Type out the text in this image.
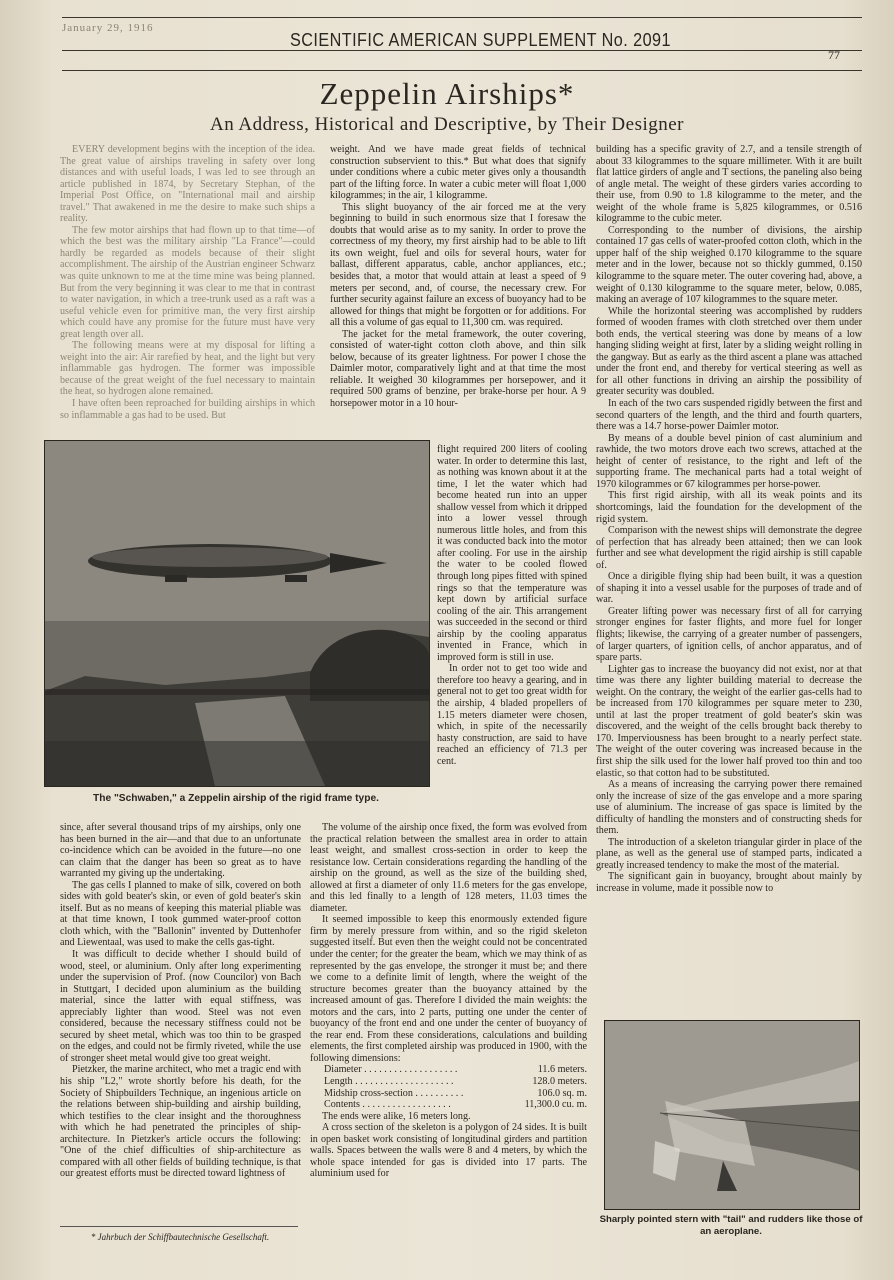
January 29, 1916
SCIENTIFIC AMERICAN SUPPLEMENT No. 2091
77
Zeppelin Airships*
An Address, Historical and Descriptive, by Their Designer

EVERY development begins with the inception of the idea. The great value of airships traveling in safety over long distances and with useful loads, I was led to see through an article published in 1874, by Secretary Stephan, of the Imperial Post Office, on "International mail and airship travel." That awakened in me the desire to make such ships a reality.

The few motor airships that had flown up to that time—of which the best was the military airship "La France"—could hardly be regarded as models because of their slight accomplishment. The airship of the Austrian engineer Schwarz was quite unknown to me at the time mine was being planned. But from the very beginning it was clear to me that in contrast to water navigation, in which a tree-trunk used as a raft was a useful vehicle even for primitive man, the very first airship which could have any promise for the future must have very great length over all.

The following means were at my disposal for lifting a weight into the air: Air rarefied by heat, and the light but very inflammable gas hydrogen. The former was impossible because of the great weight of the fuel necessary to maintain the heat, so hydrogen alone remained.

I have often been reproached for building airships in which so inflammable a gas had to be used. But

weight. And we have made great fields of technical construction subservient to this.* But what does that signify under conditions where a cubic meter gives only a thousandth part of the lifting force. In water a cubic meter will float 1,000 kilogrammes; in the air, 1 kilogramme.

This slight buoyancy of the air forced me at the very beginning to build in such enormous size that I foresaw the doubts that would arise as to my sanity. In order to prove the correctness of my theory, my first airship had to be able to lift its own weight, fuel and oils for several hours, water for ballast, different apparatus, cable, anchor appliances, etc.; besides that, a motor that would attain at least a speed of 9 meters per second, and, of course, the necessary crew. For further security against failure an excess of buoyancy had to be allowed for things that might be forgotten or for additions. For all this a volume of gas equal to 11,300 cm. was required.

The jacket for the metal framework, the outer covering, consisted of water-tight cotton cloth above, and thin silk below, because of its greater lightness. For power I chose the Daimler motor, comparatively light and at that time the most reliable. It weighed 30 kilogrammes per horsepower, and it required 500 grams of benzine, per brake-horse per hour. A 9 horsepower motor in a 10 hour-

The "Schwaben," a Zeppelin airship of the rigid frame type.

flight required 200 liters of cooling water. In order to determine this last, as nothing was known about it at the time, I let the water which had become heated run into an upper shallow vessel from which it dripped into a lower vessel through numerous little holes, and from this it was conducted back into the motor after cooling. For use in the airship the water to be cooled flowed through long pipes fitted with spined rings so that the temperature was kept down by artificial surface cooling of the air. This arrangement was succeeded in the second or third airship by the cooling apparatus invented in France, which in improved form is still in use.

In order not to get too wide and therefore too heavy a gearing, and in general not to get too great width for the airship, 4 bladed propellers of 1.15 meters diameter were chosen, which, in spite of the necessarily hasty construction, are said to have reached an efficiency of 71.3 per cent.

building has a specific gravity of 2.7, and a tensile strength of about 33 kilogrammes to the square millimeter. With it are built flat lattice girders of angle and T sections, the paneling also being of angle metal. The weight of these girders varies according to their use, from 0.90 to 1.8 kilogramme to the meter, and the weight of the whole frame is 5,825 kilogrammes, or 0.516 kilogramme to the cubic meter.

Corresponding to the number of divisions, the airship contained 17 gas cells of water-proofed cotton cloth, which in the upper half of the ship weighed 0.170 kilogramme to the square meter and in the lower, because not so thickly gummed, 0.150 kilogramme to the square meter. The outer covering had, above, a weight of 0.130 kilogramme to the square meter, below, 0.085, making an average of 107 kilogrammes to the square meter.

While the horizontal steering was accomplished by rudders formed of wooden frames with cloth stretched over them under both ends, the vertical steering was done by means of a low hanging sliding weight at first, later by a sliding weight rolling in the gangway. But as early as the third ascent a plane was attached under the front end, and thereby for vertical steering as well as for all other functions in driving an airship the possibility of greater security was doubled.

In each of the two cars suspended rigidly between the first and second quarters of the length, and the third and fourth quarters, there was a 14.7 horse-power Daimler motor.

By means of a double bevel pinion of cast aluminium and rawhide, the two motors drove each two screws, attached at the height of center of resistance, to the right and left of the supporting frame. The mechanical parts had a total weight of 1970 kilogrammes or 67 kilogrammes per horse-power.

This first rigid airship, with all its weak points and its shortcomings, laid the foundation for the development of the rigid system.

Comparison with the newest ships will demonstrate the degree of perfection that has already been attained; then we can look further and see what development the rigid airship is still capable of.

Once a dirigible flying ship had been built, it was a question of shaping it into a vessel usable for the purposes of trade and of war.

Greater lifting power was necessary first of all for carrying stronger engines for faster flights, and more fuel for longer flights; likewise, the carrying of a greater number of passengers, of larger quarters, of ignition cells, of anchor apparatus, and of spare parts.

Lighter gas to increase the buoyancy did not exist, nor at that time was there any lighter building material to decrease the weight. On the contrary, the weight of the earlier gas-cells had to be increased from 170 kilogrammes per square meter to 230, until at last the proper treatment of gold beater's skin was discovered, and the weight of the cells brought back thereby to 170. Imperviousness has been brought to a nearly perfect state. The weight of the outer covering was increased because in the first ship the silk used for the lower half proved too thin and too elastic, so that cotton had to be substituted.

As a means of increasing the carrying power there remained only the increase of size of the gas envelope and a more sparing use of aluminium. The increase of gas space is limited by the difficulty of handling the monsters and of constructing sheds for them.

The introduction of a skeleton triangular girder in place of the plane, as well as the general use of stamped parts, indicated a greatly increased tendency to make the most of the material.

The significant gain in buoyancy, brought about mainly by increase in volume, made it possible now to

since, after several thousand trips of my airships, only one has been burned in the air—and that due to an unfortunate co-incidence which can be avoided in the future—no one can claim that the danger has been so great as to have warranted my giving up the undertaking.

The gas cells I planned to make of silk, covered on both sides with gold beater's skin, or even of gold beater's skin itself. But as no means of keeping this material pliable was at that time known, I took gummed water-proof cotton cloth which, with the "Ballonin" invented by Duttenhofer and Lìewentaal, was used to make the cells gas-tight.

It was difficult to decide whether I should build of wood, steel, or aluminium. Only after long experimenting under the supervision of Prof. (now Councilor) von Bach in Stuttgart, I decided upon aluminium as the building material, since the latter with equal stiffness, was appreciably lighter than wood. Steel was not even considered, because the necessary stiffness could not be secured by sheet metal, which was too thin to be grasped on the edges, and could not be firmly riveted, while the use of stronger sheet metal would give too great weight.

Pietzker, the marine architect, who met a tragic end with his ship "L2," wrote shortly before his death, for the Society of Shipbuilders Technique, an ingenious article on the relations between ship-building and airship building, which testifies to the clear insight and the thoroughness with which he had penetrated the principles of ship-architecture. In Pietzker's article occurs the following: "One of the chief difficulties of ship-architecture as compared with all other fields of building technique, is that our greatest efforts must be directed toward lightness of

The volume of the airship once fixed, the form was evolved from the practical relation between the smallest area in order to attain least weight, and smallest cross-section in order to keep the resistance low. Certain considerations regarding the handling of the airship on the ground, as well as the size of the building shed, allowed at first a diameter of only 11.6 meters for the gas envelope, and this led finally to a length of 128 meters, 11.03 times the diameter.

It seemed impossible to keep this enormously extended figure firm by merely pressure from within, and so the rigid skeleton suggested itself. But even then the weight could not be concentrated under the center; for the greater the beam, which we may think of as represented by the gas envelope, the stronger it must be; and there we come to a definite limit of length, where the weight of the structure becomes greater than the buoyancy attained by the increased amount of gas. Therefore I divided the main weights: the motors and the cars, into 2 parts, putting one under the center of buoyancy of the front end and one under the center of buoyancy of the rear end. From these considerations, calculations and building elements, the first completed airship was produced in 1900, with the following dimensions:

Diameter . . . . . . . . . . . . . . . . . . .	11.6 meters.
Length . . . . . . . . . . . . . . . . . . . .	128.0 meters.
Midship cross-section . . . . . . . . . .	106.0 sq. m.
Contents . . . . . . . . . . . . . . . . . .	11,300.0 cu. m.

The ends were alike, 16 meters long.

A cross section of the skeleton is a polygon of 24 sides. It is built in open basket work consisting of longitudinal girders and partition walls. Spaces between the walls were 8 and 4 meters, by which the whole space intended for gas is divided into 17 parts. The aluminium used for

Sharply pointed stern with "tail" and rudders like those of an aeroplane.
* Jahrbuch der Schiffbautechnische Gesellschaft.
